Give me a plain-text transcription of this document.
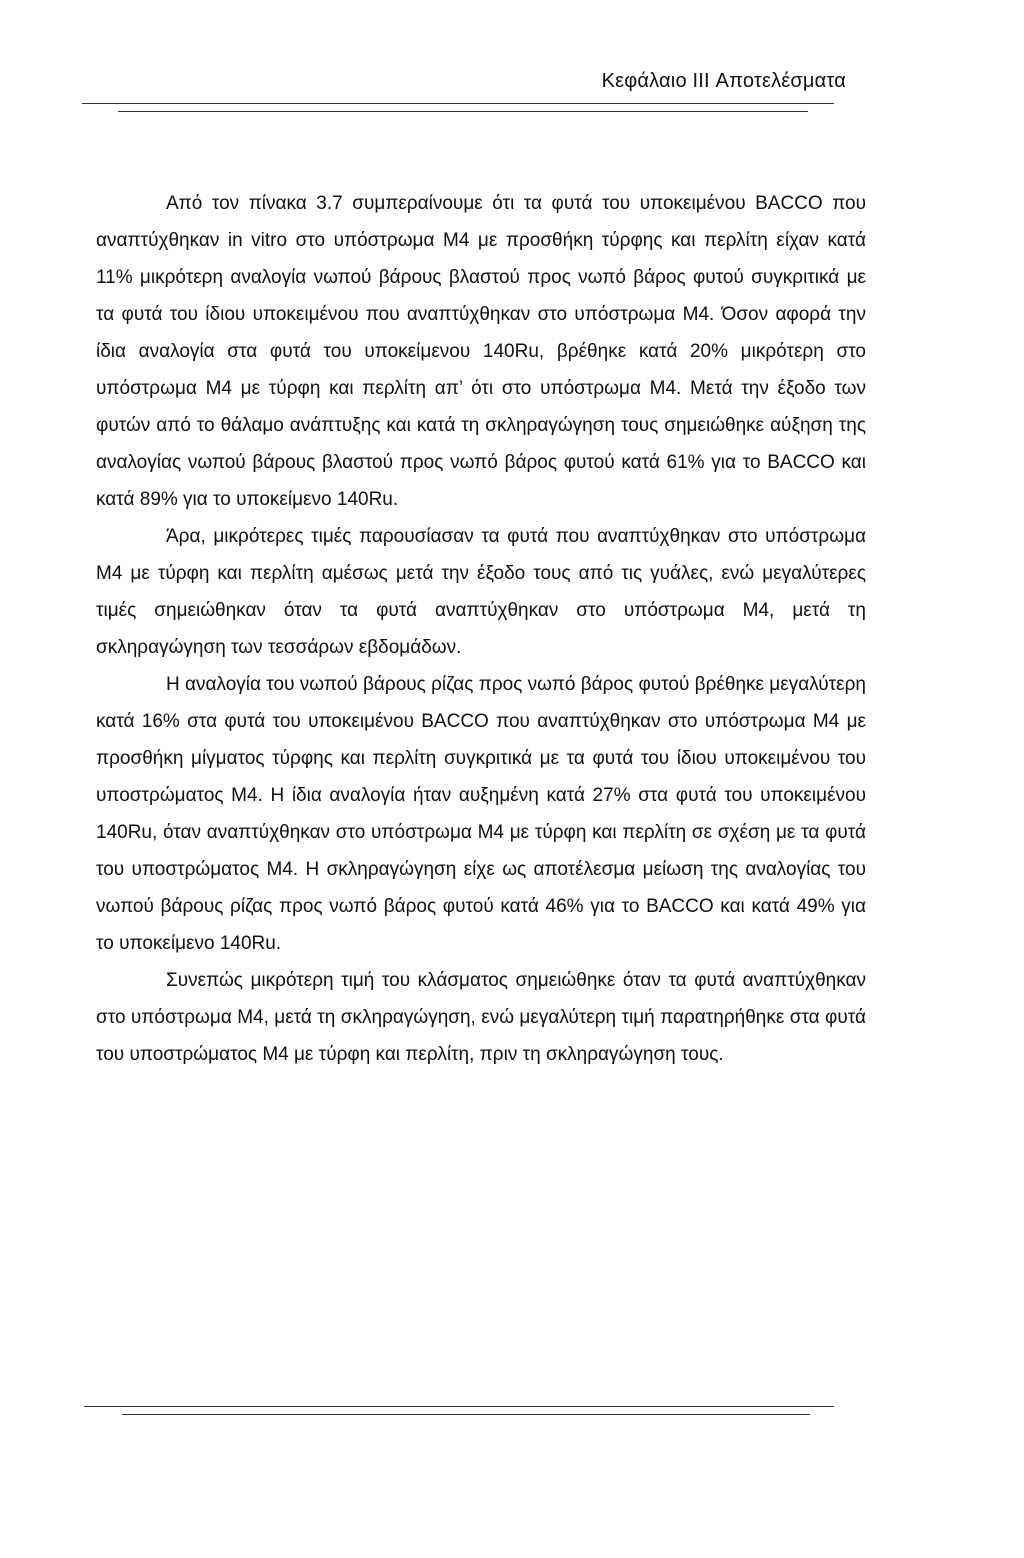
Κεφάλαιο III Αποτελέσματα

Από τον πίνακα 3.7 συμπεραίνουμε ότι τα φυτά του υποκειμένου BACCO που αναπτύχθηκαν in vitro στο υπόστρωμα Μ4 με προσθήκη τύρφης και περλίτη είχαν κατά 11% μικρότερη αναλογία νωπού βάρους βλαστού προς νωπό βάρος φυτού συγκριτικά με τα φυτά του ίδιου υποκειμένου που αναπτύχθηκαν στο υπόστρωμα Μ4. Όσον αφορά την ίδια αναλογία στα φυτά του υποκείμενου 140Ru, βρέθηκε κατά 20% μικρότερη στο υπόστρωμα Μ4 με τύρφη και περλίτη απ’ ότι στο υπόστρωμα Μ4. Μετά την έξοδο των φυτών από το θάλαμο ανάπτυξης και κατά τη σκληραγώγηση τους σημειώθηκε αύξηση της αναλογίας νωπού βάρους βλαστού προς νωπό βάρος φυτού κατά 61% για το BACCO και κατά 89% για το υποκείμενο 140Ru.

Άρα, μικρότερες τιμές παρουσίασαν τα φυτά που αναπτύχθηκαν στο υπόστρωμα Μ4 με τύρφη και περλίτη αμέσως μετά την έξοδο τους από τις γυάλες, ενώ μεγαλύτερες τιμές σημειώθηκαν όταν τα φυτά αναπτύχθηκαν στο υπόστρωμα Μ4, μετά τη σκληραγώγηση των τεσσάρων εβδομάδων.

Η αναλογία του νωπού βάρους ρίζας προς νωπό βάρος φυτού βρέθηκε μεγαλύτερη κατά 16% στα φυτά του υποκειμένου BACCO που αναπτύχθηκαν στο υπόστρωμα Μ4 με προσθήκη μίγματος τύρφης και περλίτη συγκριτικά με τα φυτά του ίδιου υποκειμένου του υποστρώματος Μ4. Η ίδια αναλογία ήταν αυξημένη κατά 27% στα φυτά του υποκειμένου 140Ru, όταν αναπτύχθηκαν στο υπόστρωμα Μ4 με τύρφη και περλίτη σε σχέση με τα φυτά του υποστρώματος Μ4. Η σκληραγώγηση είχε ως αποτέλεσμα μείωση της αναλογίας του νωπού βάρους ρίζας προς νωπό βάρος φυτού κατά 46% για το BACCO και κατά 49% για το υποκείμενο 140Ru.

Συνεπώς μικρότερη τιμή του κλάσματος σημειώθηκε όταν τα φυτά αναπτύχθηκαν στο υπόστρωμα Μ4, μετά τη σκληραγώγηση, ενώ μεγαλύτερη τιμή παρατηρήθηκε στα φυτά του υποστρώματος Μ4 με τύρφη και περλίτη, πριν τη σκληραγώγηση τους.
